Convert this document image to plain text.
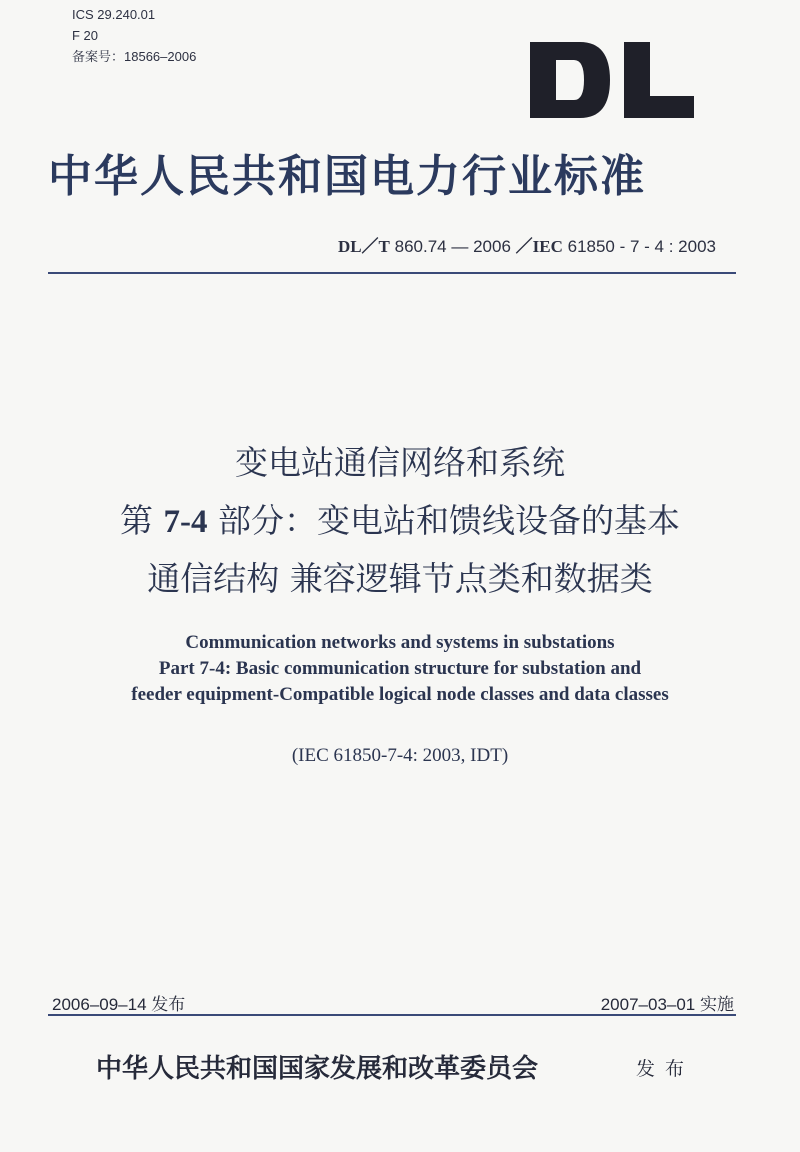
ICS 29.240.01
F 20
备案号：18566–2006
中华人民共和国电力行业标准
DL／T 860.74 — 2006 ／IEC 61850 - 7 - 4 : 2003
变电站通信网络和系统
第 7-4 部分：变电站和馈线设备的基本
通信结构 兼容逻辑节点类和数据类
Communication networks and systems in substations
Part 7-4: Basic communication structure for substation and
feeder equipment-Compatible logical node classes and data classes
(IEC 61850-7-4: 2003, IDT)
2006–09–14 发布	2007–03–01 实施
中华人民共和国国家发展和改革委员会	发布
